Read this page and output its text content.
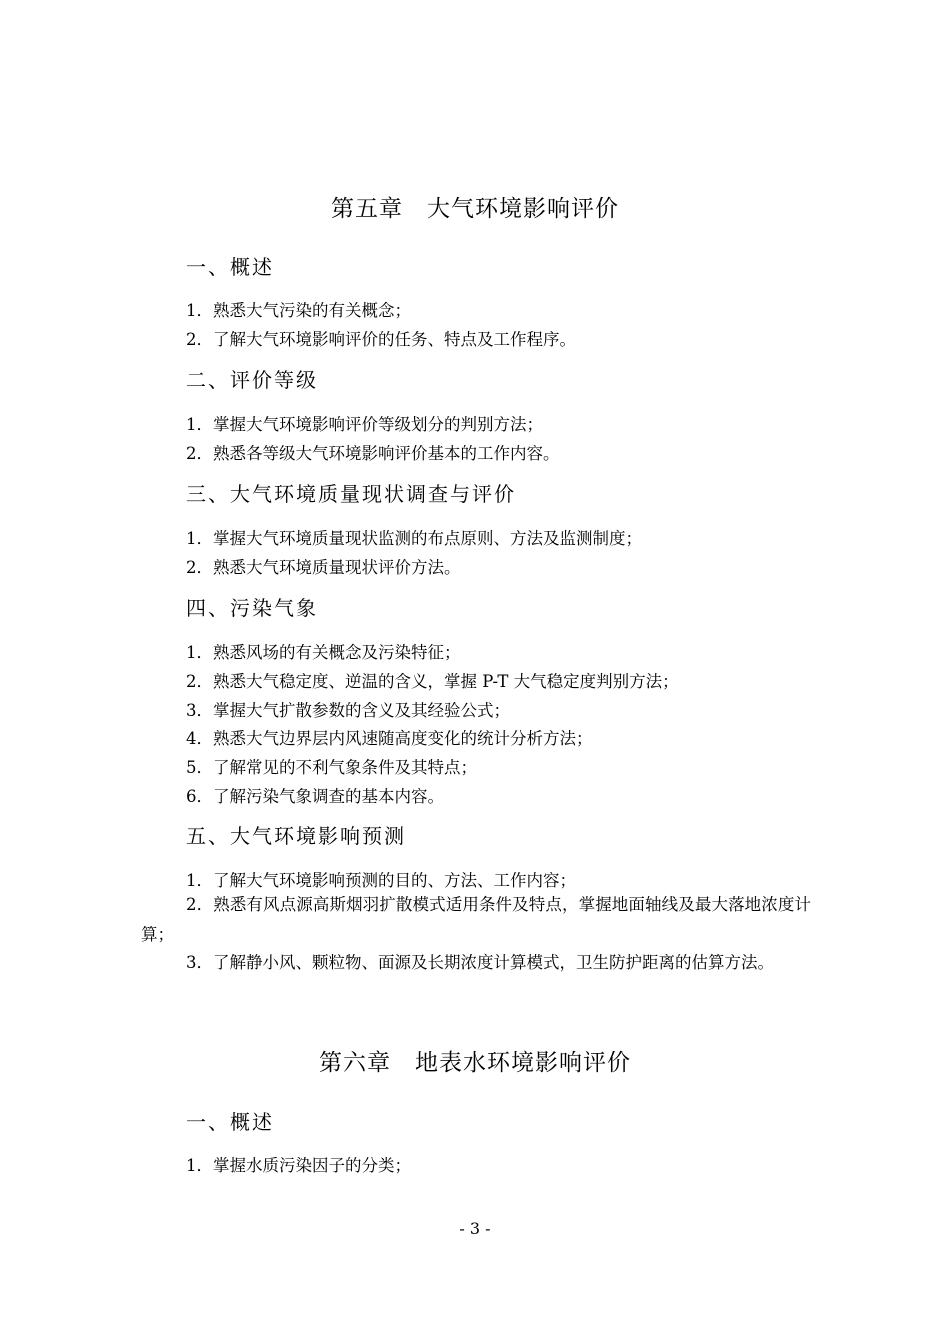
第五章　大气环境影响评价
一、概述
1．熟悉大气污染的有关概念；
2．了解大气环境影响评价的任务、特点及工作程序。
二、评价等级
1．掌握大气环境影响评价等级划分的判别方法；
2．熟悉各等级大气环境影响评价基本的工作内容。
三、大气环境质量现状调查与评价
1．掌握大气环境质量现状监测的布点原则、方法及监测制度；
2．熟悉大气环境质量现状评价方法。
四、污染气象
1．熟悉风场的有关概念及污染特征；
2．熟悉大气稳定度、逆温的含义，掌握 P-T 大气稳定度判别方法；
3．掌握大气扩散参数的含义及其经验公式；
4．熟悉大气边界层内风速随高度变化的统计分析方法；
5．了解常见的不利气象条件及其特点；
6．了解污染气象调查的基本内容。
五、大气环境影响预测
1．了解大气环境影响预测的目的、方法、工作内容；
2．熟悉有风点源高斯烟羽扩散模式适用条件及特点，掌握地面轴线及最大落地浓度计算；
3．了解静小风、颗粒物、面源及长期浓度计算模式，卫生防护距离的估算方法。
第六章　地表水环境影响评价
一、概述
1．掌握水质污染因子的分类；
- 3 -
